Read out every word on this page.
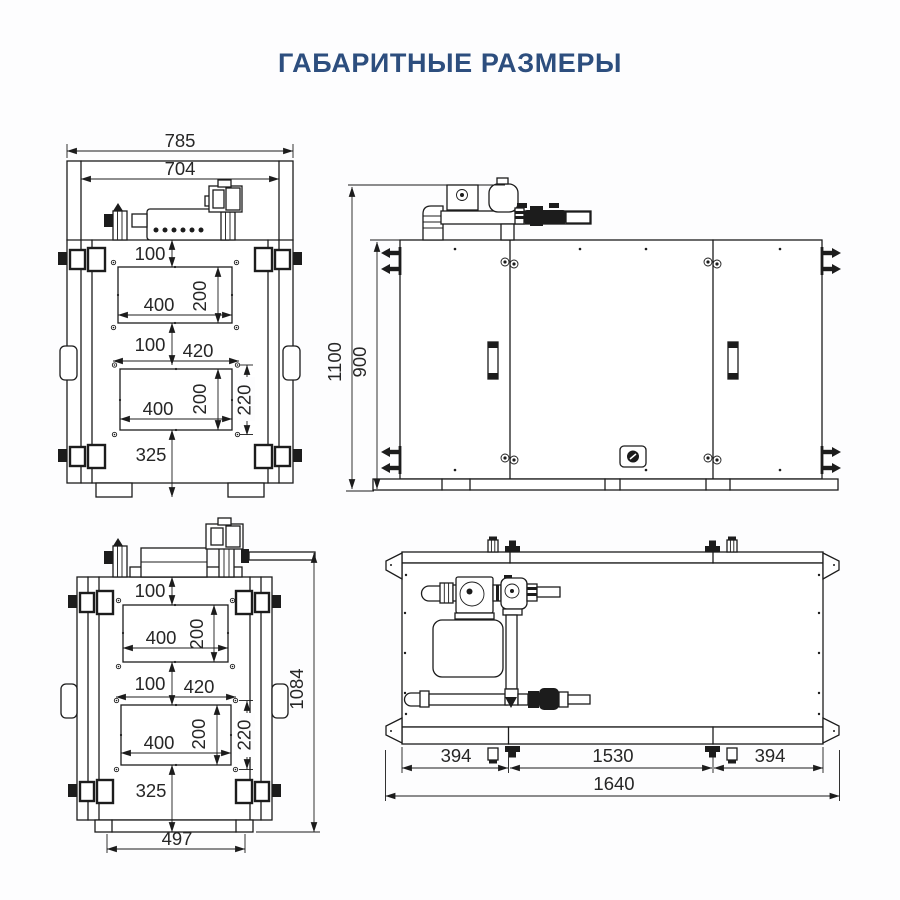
ГАБАРИТНЫЕ РАЗМЕРЫ
785
704
100
400 200
100 420
400 200 220
325
1100 900
100
400 200
100 420
400 200 220
325
497
1084
394	1530	394
1640
